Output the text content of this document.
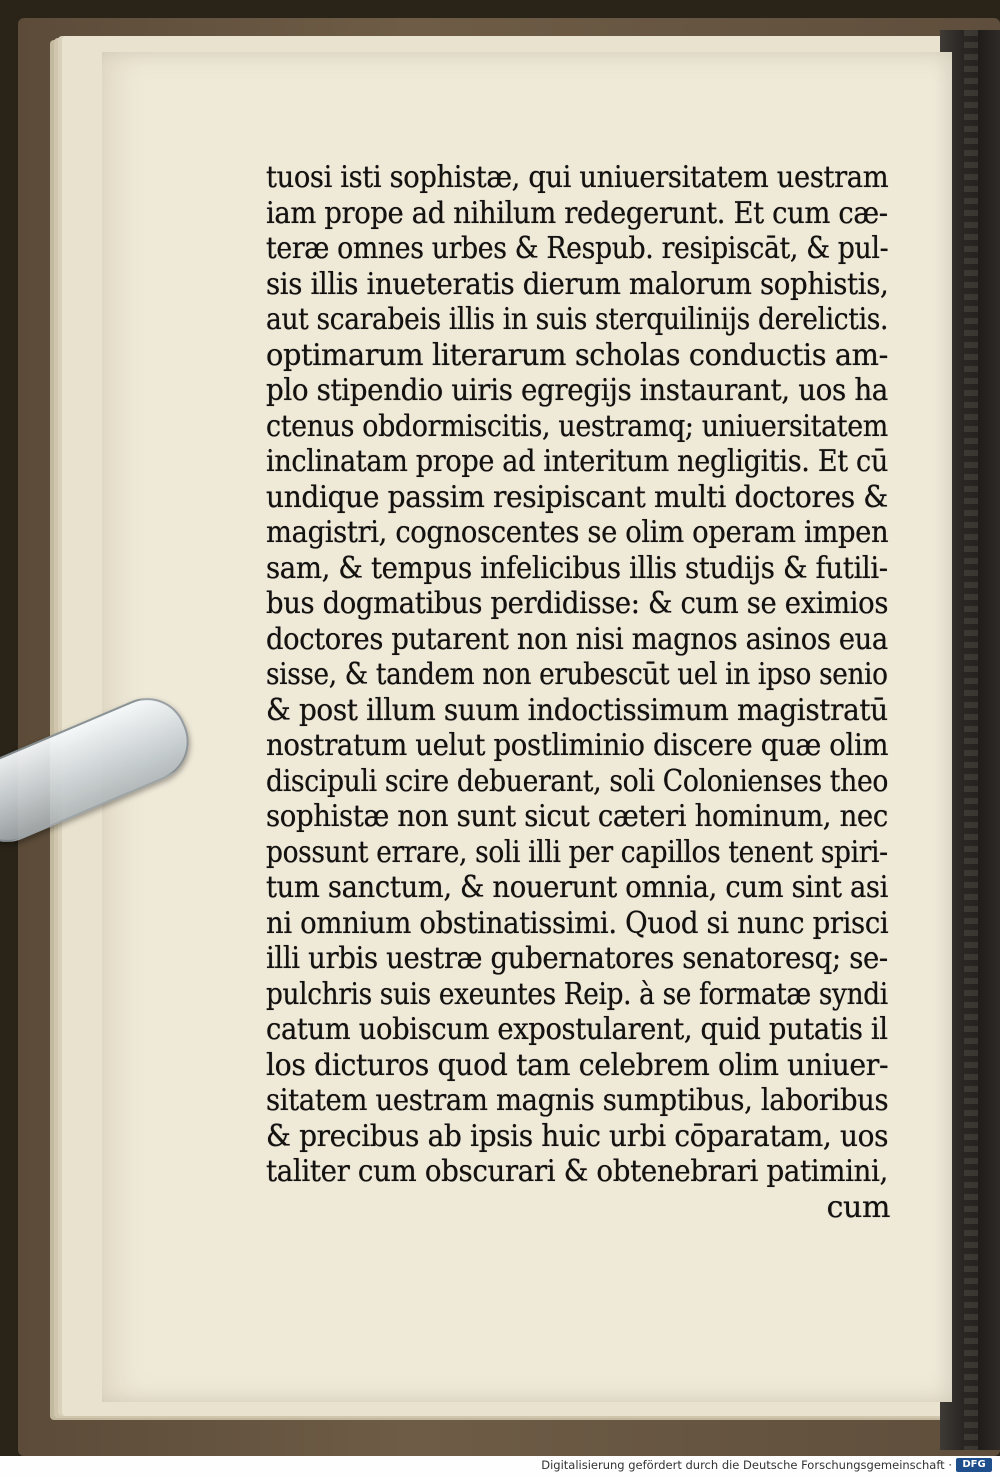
tuosi isti sophistæ, qui uniuersitatem uestram
iam prope ad nihilum redegerunt. Et cum cæ-
teræ omnes urbes & Respub. resipiscāt, & pul-
sis illis inueteratis dierum malorum sophistis,
aut scarabeis illis in suis sterquilinijs derelictis.
optimarum literarum scholas conductis am-
plo stipendio uiris egregijs instaurant, uos ha
ctenus obdormiscitis, uestramq; uniuersitatem
inclinatam prope ad interitum negligitis. Et cū
undique passim resipiscant multi doctores &
magistri, cognoscentes se olim operam impen
sam, & tempus infelicibus illis studijs & futili-
bus dogmatibus perdidisse: & cum se eximios
doctores putarent non nisi magnos asinos eua
sisse, & tandem non erubescūt uel in ipso senio
& post illum suum indoctissimum magistratū
nostratum uelut postliminio discere quæ olim
discipuli scire debuerant, soli Colonienses theo
sophistæ non sunt sicut cæteri hominum, nec
possunt errare, soli illi per capillos tenent spiri-
tum sanctum, & nouerunt omnia, cum sint asi
ni omnium obstinatissimi. Quod si nunc prisci
illi urbis uestræ gubernatores senatoresq; se-
pulchris suis exeuntes Reip. à se formatæ syndi
catum uobiscum expostularent, quid putatis il
los dicturos quod tam celebrem olim uniuer-
sitatem uestram magnis sumptibus, laboribus
& precibus ab ipsis huic urbi cōparatam, uos
taliter cum obscurari & obtenebrari patimini,
cum
Digitalisierung gefördert durch die Deutsche Forschungsgemeinschaft ·	DFG
